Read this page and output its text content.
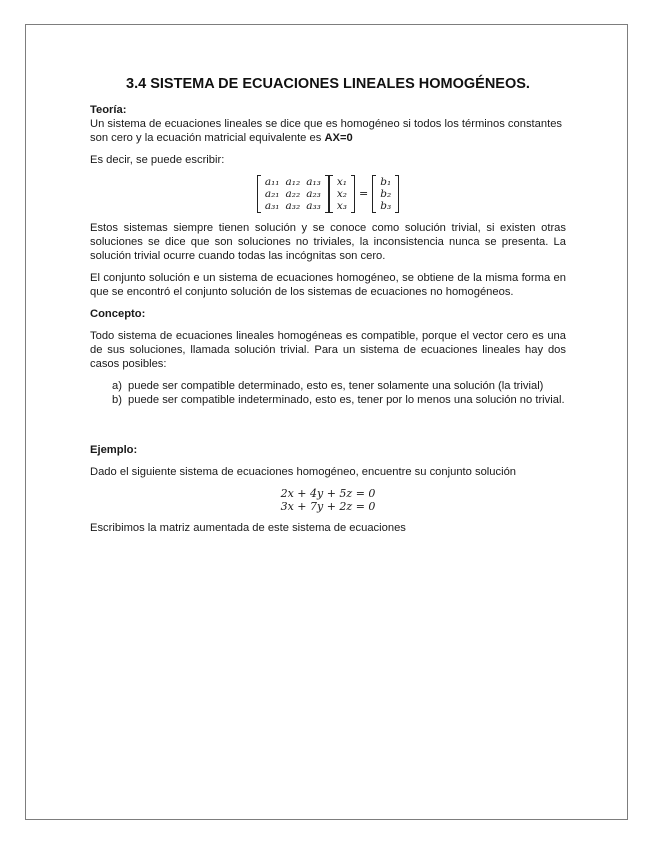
3.4 SISTEMA DE ECUACIONES LINEALES HOMOGÉNEOS.
Teoría:

Un sistema de ecuaciones lineales se dice que es homogéneo si todos los términos constantes son cero y la ecuación matricial equivalente es AX=0

Es decir, se puede escribir:

a₁₁	a₁₂	a₁₃
a₂₁	a₂₂	a₂₃
a₃₁	a₃₂	a₃₃
x₁
x₂
x₃
=
b₁
b₂
b₃

Estos sistemas siempre tienen solución y se conoce como solución trivial, si existen otras soluciones se dice que son soluciones no triviales, la inconsistencia nunca se presenta. La solución trivial ocurre cuando todas las incógnitas son cero.

El conjunto solución e un sistema de ecuaciones homogéneo, se obtiene de la misma forma en que se encontró el conjunto solución de los sistemas de ecuaciones no homogéneos.

Concepto:

Todo sistema de ecuaciones lineales homogéneas es compatible, porque el vector cero es una de sus soluciones, llamada solución trivial. Para un sistema de ecuaciones lineales hay dos casos posibles:

a) puede ser compatible determinado, esto es, tener solamente una solución (la trivial)
b) puede ser compatible indeterminado, esto es, tener por lo menos una solución no trivial.
Ejemplo:

Dado el siguiente sistema de ecuaciones homogéneo, encuentre su conjunto solución

2x + 4y + 5z = 0
3x + 7y + 2z = 0

Escribimos la matriz aumentada de este sistema de ecuaciones
